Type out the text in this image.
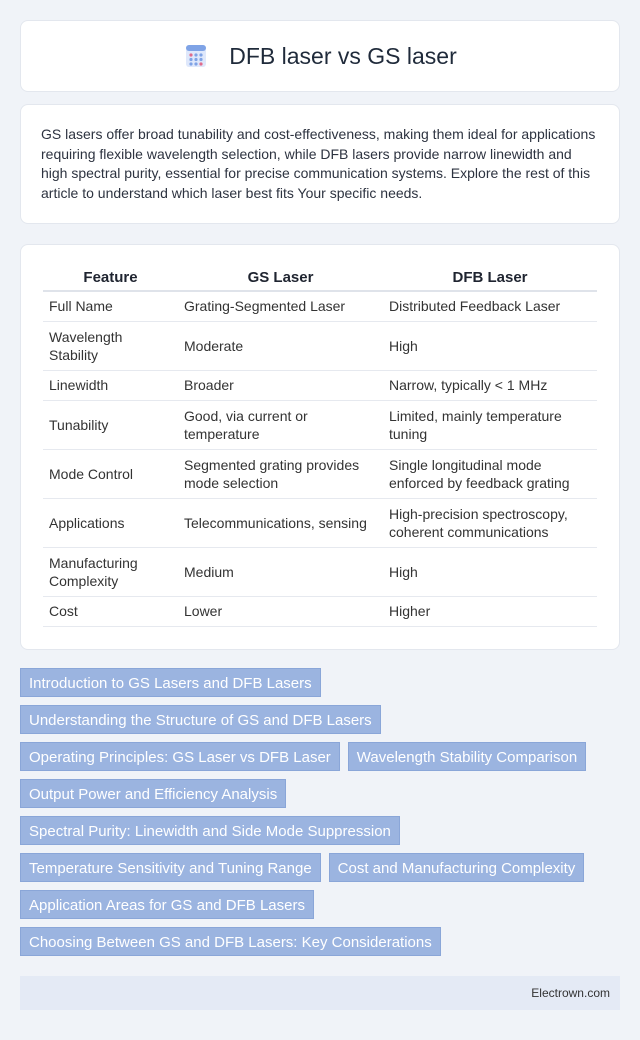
DFB laser vs GS laser

GS lasers offer broad tunability and cost-effectiveness, making them ideal for applications requiring flexible wavelength selection, while DFB lasers provide narrow linewidth and high spectral purity, essential for precise communication systems. Explore the rest of this article to understand which laser best fits Your specific needs.

Feature	GS Laser	DFB Laser
Full Name	Grating-Segmented Laser	Distributed Feedback Laser
Wavelength Stability	Moderate	High
Linewidth	Broader	Narrow, typically < 1 MHz
Tunability	Good, via current or temperature	Limited, mainly temperature tuning
Mode Control	Segmented grating provides mode selection	Single longitudinal mode enforced by feedback grating
Applications	Telecommunications, sensing	High-precision spectroscopy, coherent communications
Manufacturing Complexity	Medium	High
Cost	Lower	Higher
Introduction to GS Lasers and DFB Lasers
Understanding the Structure of GS and DFB Lasers
Operating Principles: GS Laser vs DFB Laser	Wavelength Stability Comparison
Output Power and Efficiency Analysis
Spectral Purity: Linewidth and Side Mode Suppression
Temperature Sensitivity and Tuning Range	Cost and Manufacturing Complexity
Application Areas for GS and DFB Lasers
Choosing Between GS and DFB Lasers: Key Considerations
Electrown.com
